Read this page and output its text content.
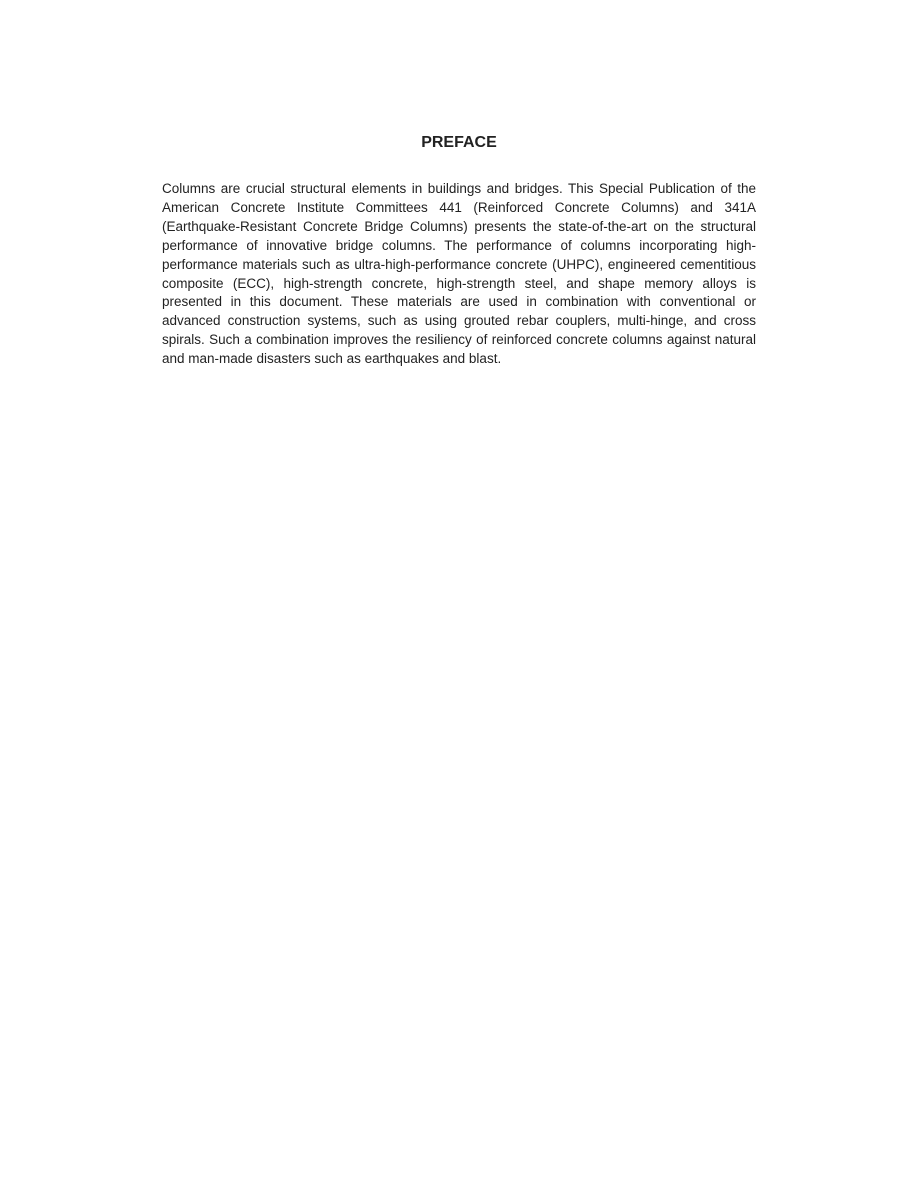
PREFACE

Columns are crucial structural elements in buildings and bridges. This Special Publication of the American Concrete Institute Committees 441 (Reinforced Concrete Columns) and 341A (Earthquake-Resistant Concrete Bridge Columns) presents the state-of-the-art on the structural performance of innovative bridge columns. The performance of columns incorporating high-performance materials such as ultra-high-performance concrete (UHPC), engineered cementitious composite (ECC), high-strength concrete, high-strength steel, and shape memory alloys is presented in this document. These materials are used in combination with conventional or advanced construction systems, such as using grouted rebar couplers, multi-hinge, and cross spirals. Such a combination improves the resiliency of reinforced concrete columns against natural and man-made disasters such as earthquakes and blast.
